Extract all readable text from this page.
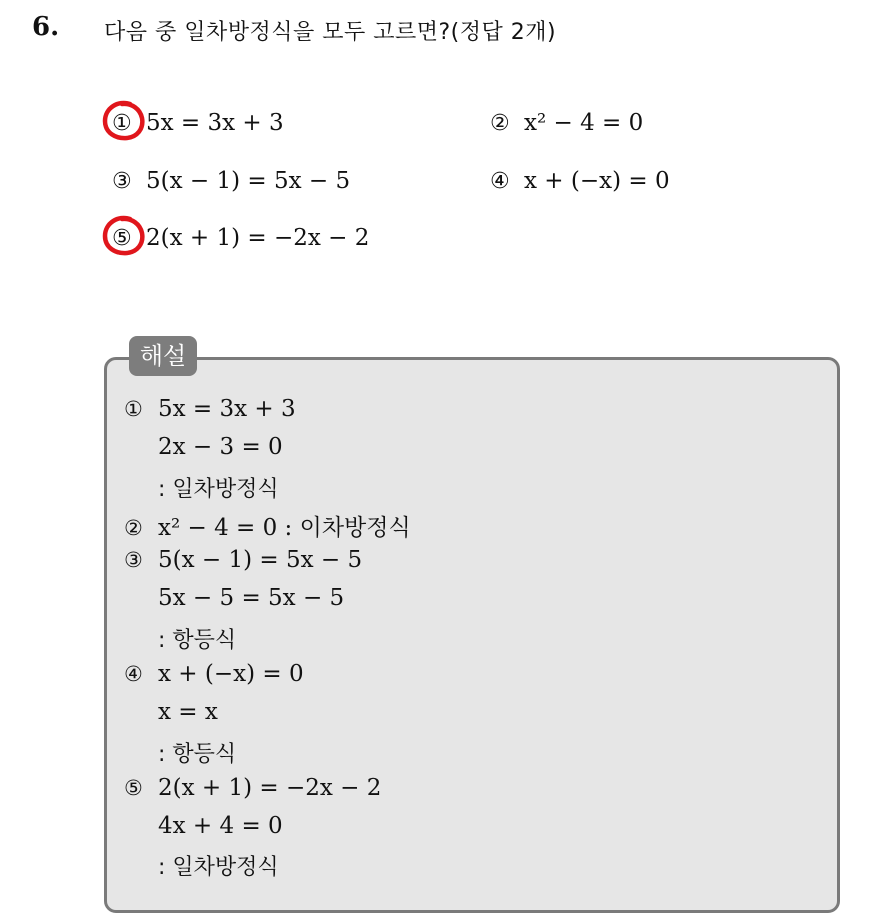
6. 다음 중 일차방정식을 모두 고르면?(정답 2개)
① 5x = 3x + 3	② x² − 4 = 0
③ 5(x − 1) = 5x − 5	④ x + (−x) = 0
⑤ 2(x + 1) = −2x − 2
해설
① 5x = 3x + 3
2x − 3 = 0
: 일차방정식
② x² − 4 = 0 : 이차방정식
③ 5(x − 1) = 5x − 5
5x − 5 = 5x − 5
: 항등식
④ x + (−x) = 0
x = x
: 항등식
⑤ 2(x + 1) = −2x − 2
4x + 4 = 0
: 일차방정식
